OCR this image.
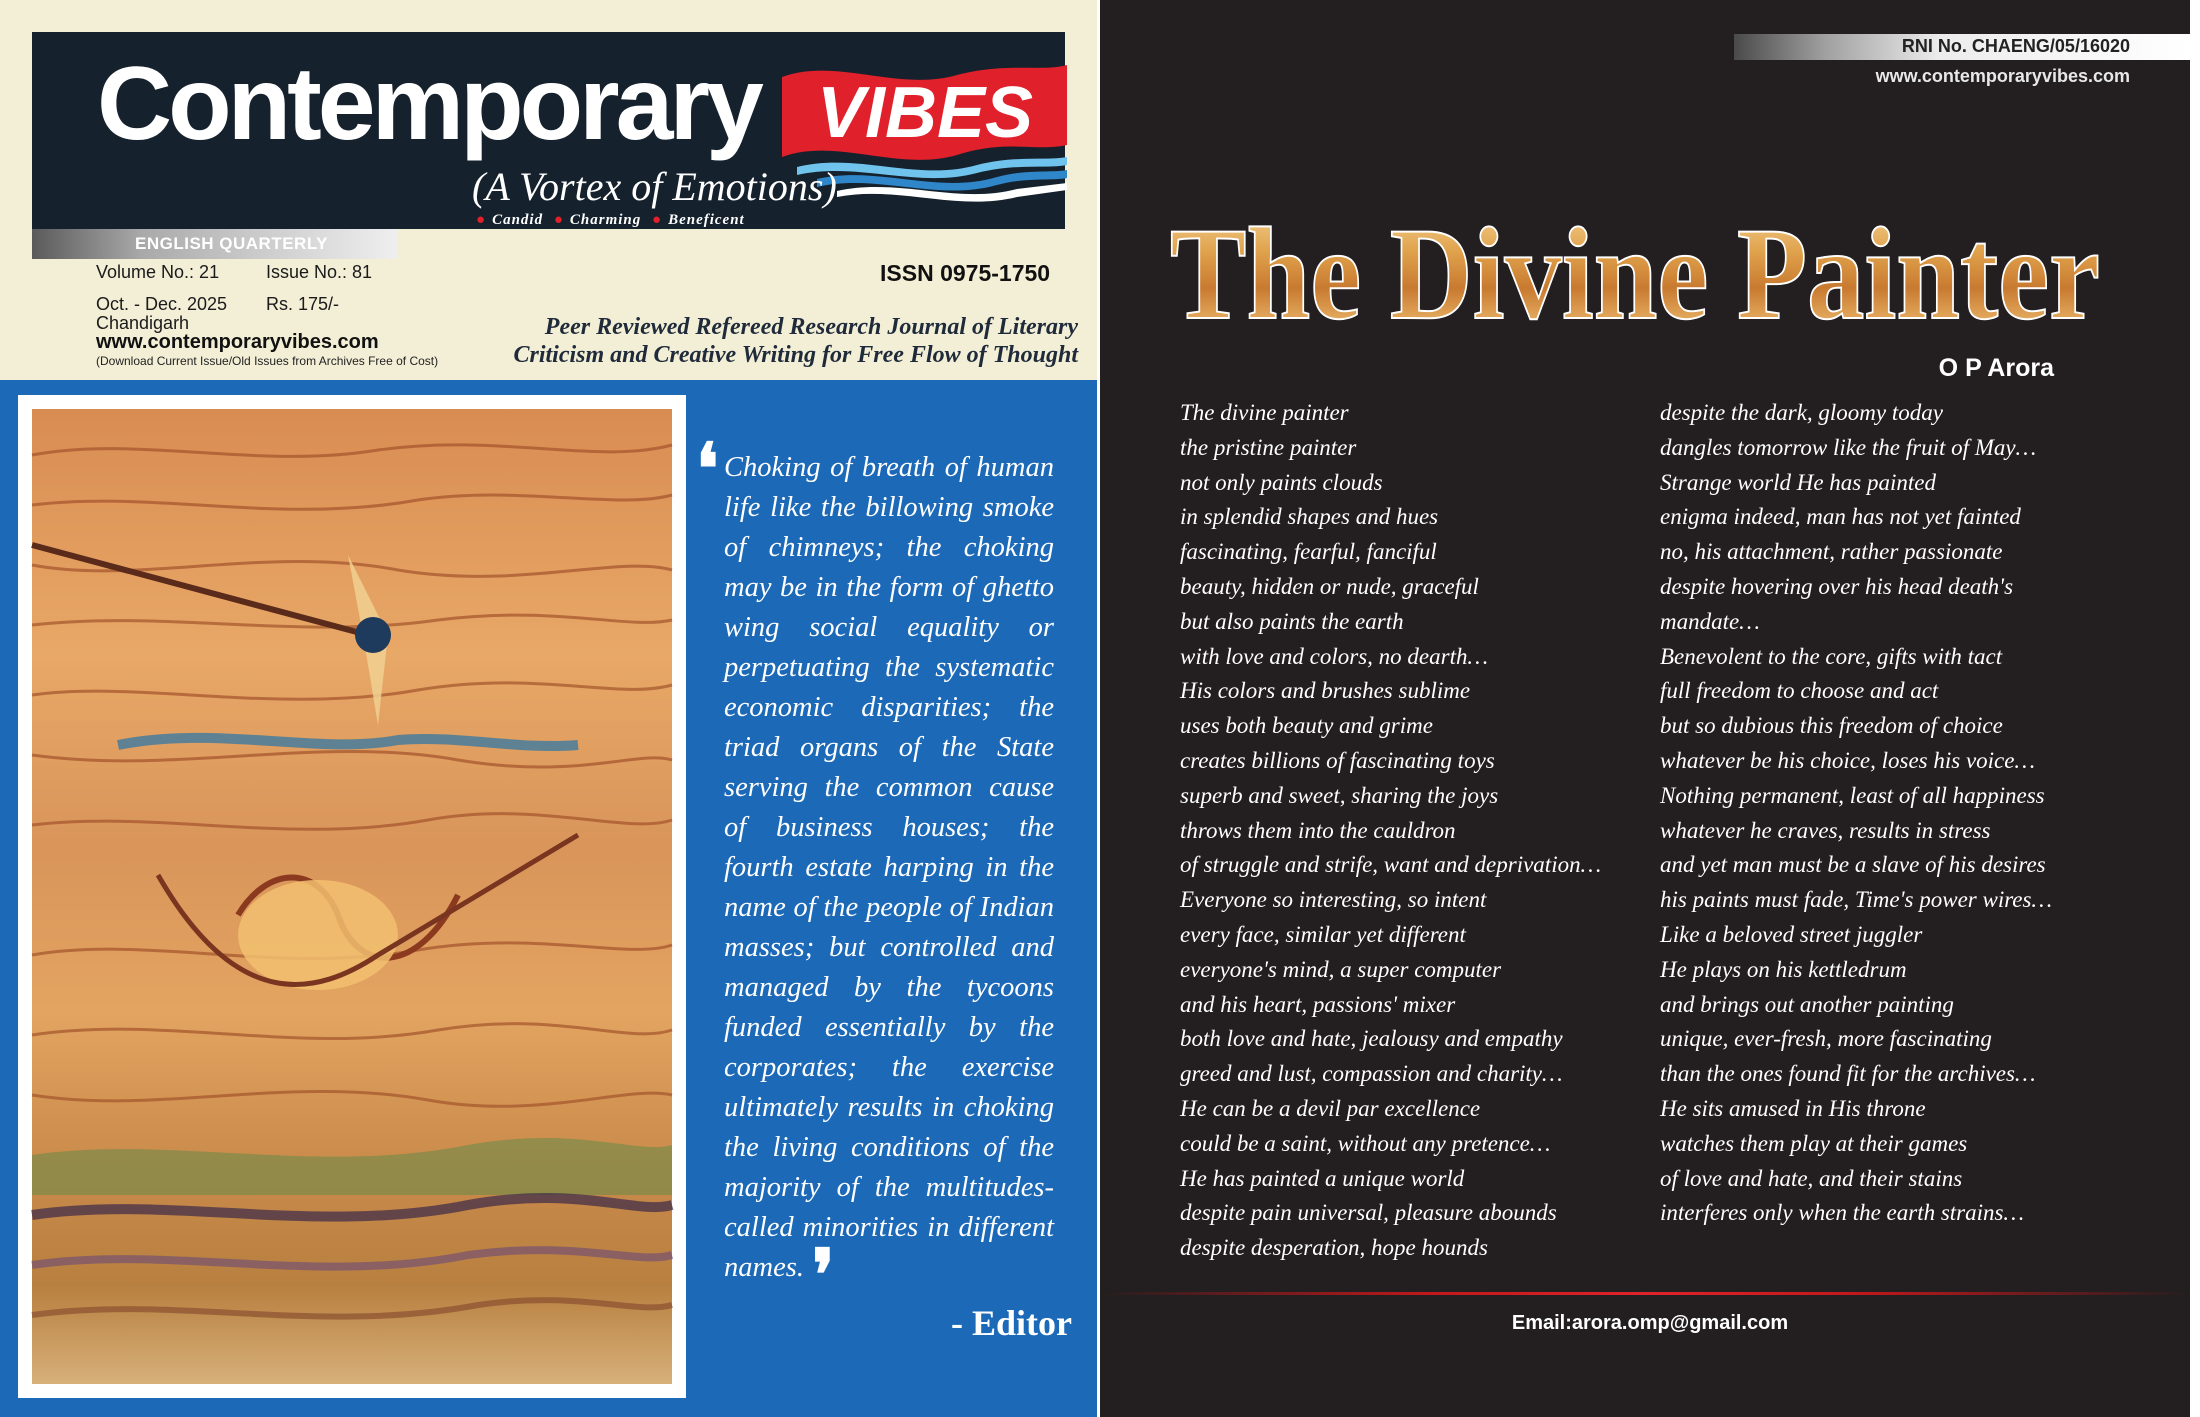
Contemporary VIBES
(A Vortex of Emotions)
● Candid ● Charming ● Beneficent
ENGLISH QUARTERLY
Volume No.: 21	Issue No.: 81
Oct. - Dec. 2025 Rs. 175/-
Chandigarh
ISSN 0975-1750
www.contemporaryvibes.com
(Download Current Issue/Old Issues from Archives Free of Cost)
Peer Reviewed Refereed Research Journal of Literary
Criticism and Creative Writing for Free Flow of Thought
❛ Choking of breath of human life like the billowing smoke of chimneys; the choking may be in the form of ghetto wing social equality or perpetuating the systematic economic disparities; the triad organs of the State serving the common cause of business houses; the fourth estate harping in the name of the people of Indian masses; but controlled and managed by the tycoons funded essentially by the corporates; the exercise ultimately results in choking the living conditions of the majority of the multitudes- called minorities in different names. ❜
- Editor
RNI No. CHAENG/05/16020
www.contemporaryvibes.com
The Divine Painter
O P Arora
The divine painter
the pristine painter
not only paints clouds
in splendid shapes and hues
fascinating, fearful, fanciful
beauty, hidden or nude, graceful
but also paints the earth
with love and colors, no dearth…
His colors and brushes sublime
uses both beauty and grime
creates billions of fascinating toys
superb and sweet, sharing the joys
throws them into the cauldron
of struggle and strife, want and deprivation…
Everyone so interesting, so intent
every face, similar yet different
everyone's mind, a super computer
and his heart, passions' mixer
both love and hate, jealousy and empathy
greed and lust, compassion and charity…
He can be a devil par excellence
could be a saint, without any pretence…
He has painted a unique world
despite pain universal, pleasure abounds
despite desperation, hope hounds
despite the dark, gloomy today
dangles tomorrow like the fruit of May…
Strange world He has painted
enigma indeed, man has not yet fainted
no, his attachment, rather passionate
despite hovering over his head death's
mandate…
Benevolent to the core, gifts with tact
full freedom to choose and act
but so dubious this freedom of choice
whatever be his choice, loses his voice…
Nothing permanent, least of all happiness
whatever he craves, results in stress
and yet man must be a slave of his desires
his paints must fade, Time's power wires…
Like a beloved street juggler
He plays on his kettledrum
and brings out another painting
unique, ever-fresh, more fascinating
than the ones found fit for the archives…
He sits amused in His throne
watches them play at their games
of love and hate, and their stains
interferes only when the earth strains…
Email:arora.omp@gmail.com
